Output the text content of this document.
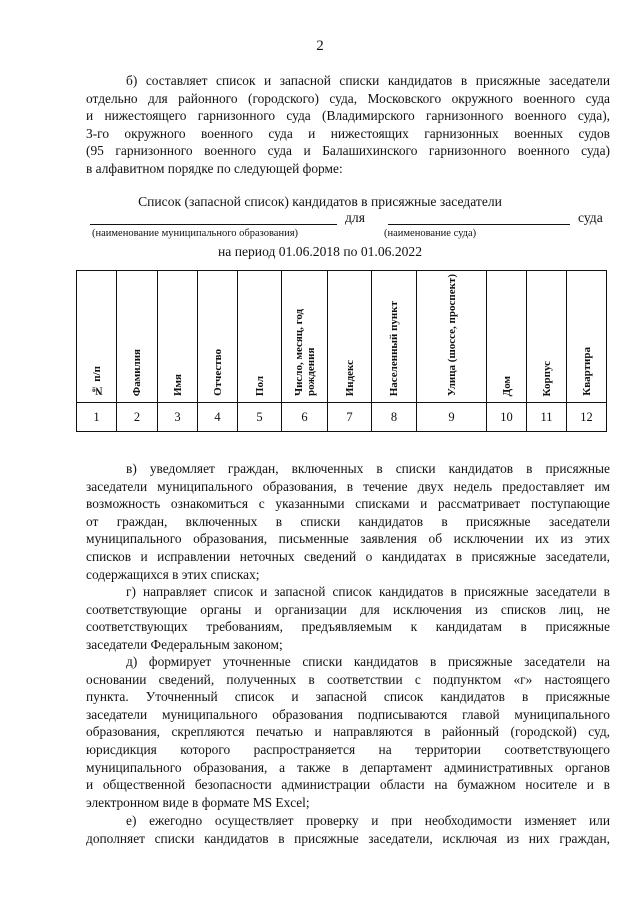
2
б) составляет список и запасной списки кандидатов в присяжные заседатели
отдельно для районного (городского) суда, Московского окружного военного суда
и нижестоящего гарнизонного суда (Владимирского гарнизонного военного суда),
3-го окружного военного суда и нижестоящих гарнизонных военных судов
(95 гарнизонного военного суда и Балашихинского гарнизонного военного суда)
в алфавитном порядке по следующей форме:
Список (запасной список) кандидатов в присяжные заседатели
для	суда
(наименование муниципального образования)	(наименование суда)
на период 01.06.2018 по 01.06.2022
№ п/п	Фамилия	Имя	Отчество	Пол	Число, месяц, год рождения	Индекс	Населенный пункт	Улица (шоссе, проспект)	Дом	Корпус	Квартира

1	2	3	4	5	6	7	8	9	10	11	12
в) уведомляет граждан, включенных в списки кандидатов в присяжные
заседатели муниципального образования, в течение двух недель предоставляет им
возможность ознакомиться с указанными списками и рассматривает поступающие
от граждан, включенных в списки кандидатов в присяжные заседатели
муниципального образования, письменные заявления об исключении их из этих
списков и исправлении неточных сведений о кандидатах в присяжные заседатели,
содержащихся в этих списках;
г) направляет список и запасной список кандидатов в присяжные заседатели в
соответствующие органы и организации для исключения из списков лиц, не
соответствующих требованиям, предъявляемым к кандидатам в присяжные
заседатели Федеральным законом;
д) формирует уточненные списки кандидатов в присяжные заседатели на
основании сведений, полученных в соответствии с подпунктом «г» настоящего
пункта. Уточненный список и запасной список кандидатов в присяжные
заседатели муниципального образования подписываются главой муниципального
образования, скрепляются печатью и направляются в районный (городской) суд,
юрисдикция которого распространяется на территории соответствующего
муниципального образования, а также в департамент административных органов
и общественной безопасности администрации области на бумажном носителе и в
электронном виде в формате MS Excel;
е) ежегодно осуществляет проверку и при необходимости изменяет или
дополняет списки кандидатов в присяжные заседатели, исключая из них граждан,
